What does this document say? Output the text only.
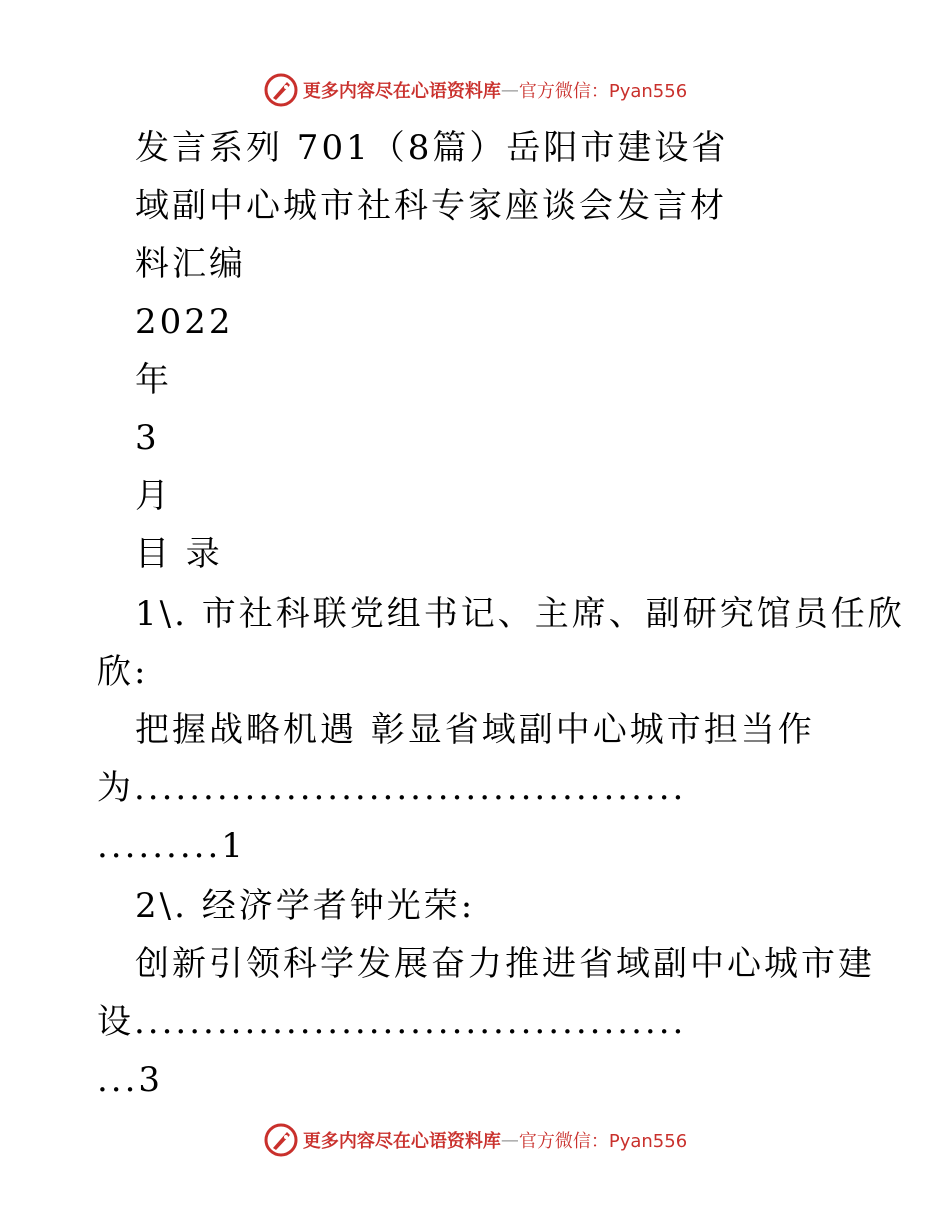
更多内容尽在心语资料库 — 官方微信：Pyan556
发言系列 701（8篇）岳阳市建设省
域副中心城市社科专家座谈会发言材
料汇编
2022
年
3
月
目 录
1\. 市社科联党组书记、主席、副研究馆员任欣
欣:
把握战略机遇 彰显省域副中心城市担当作
为........................................
.........1
2\. 经济学者钟光荣:
创新引领科学发展奋力推进省域副中心城市建
设........................................
...3
更多内容尽在心语资料库 — 官方微信：Pyan556
